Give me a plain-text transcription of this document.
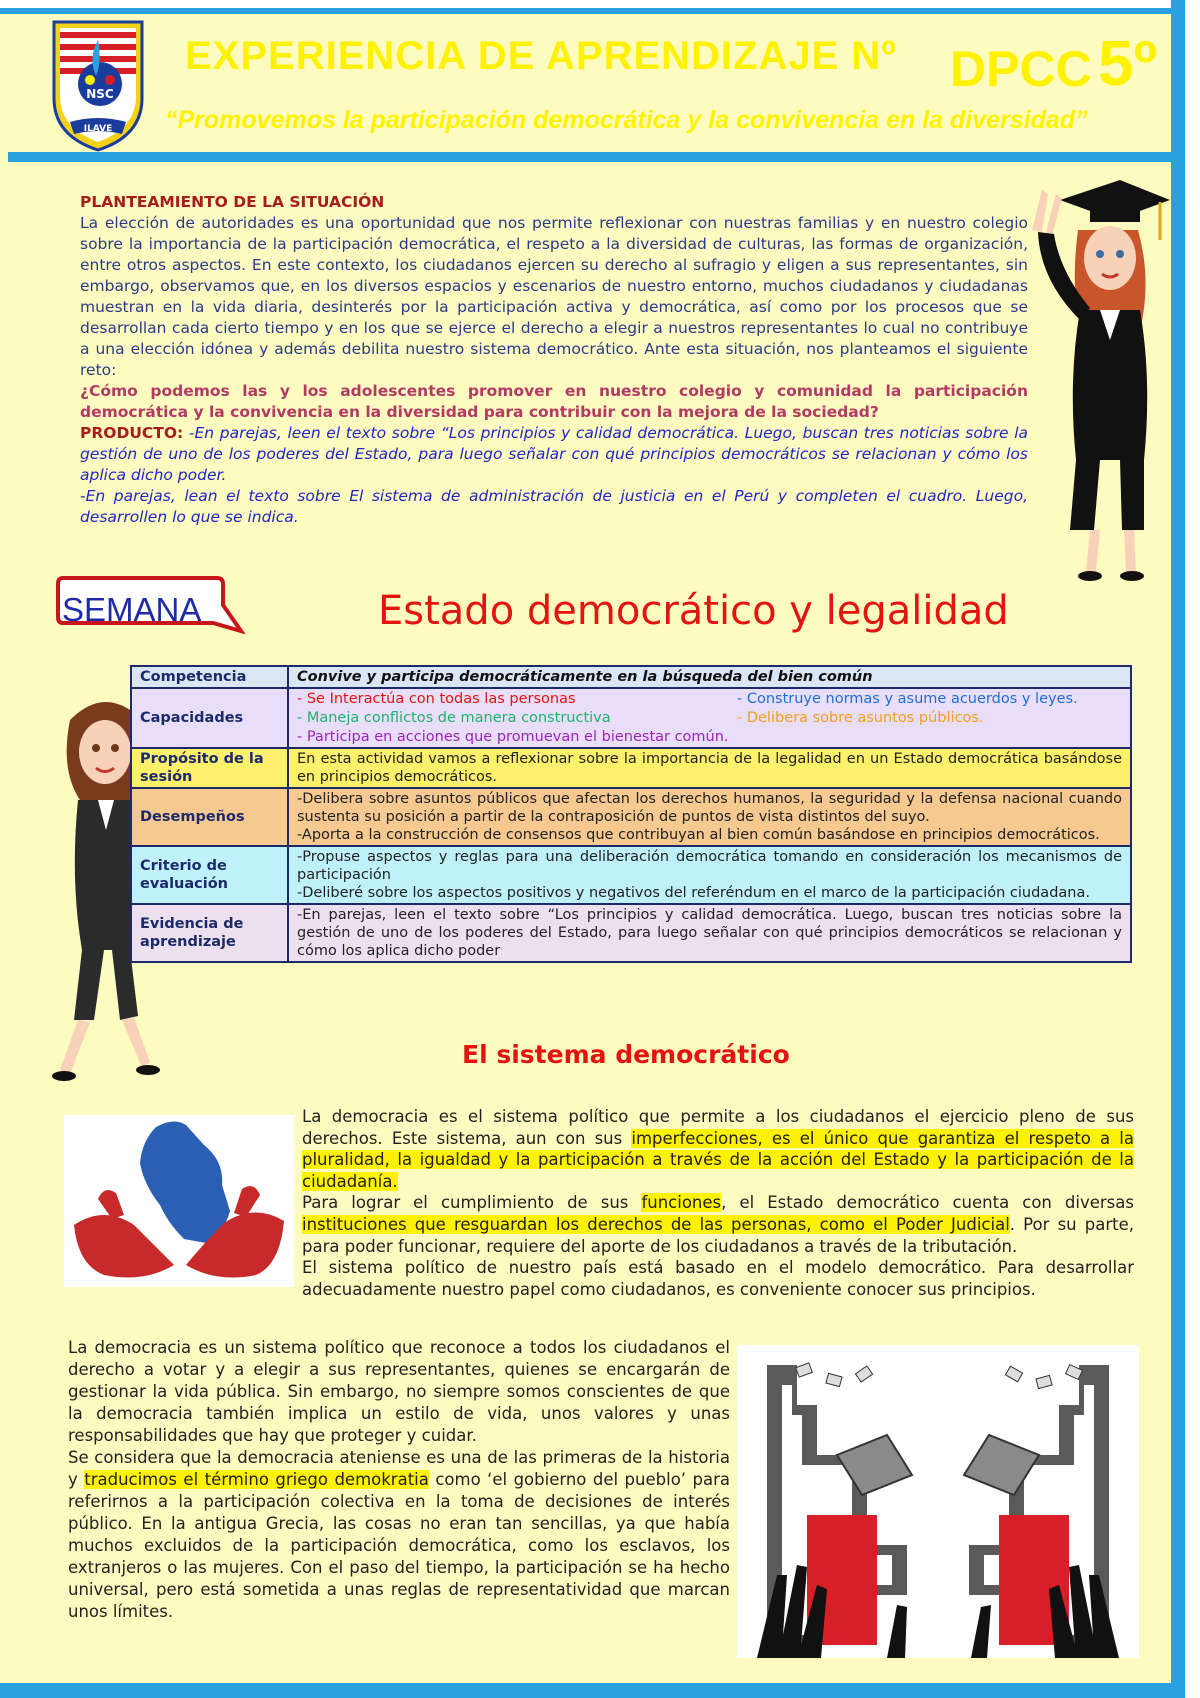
NSC
ILAVE
EXPERIENCIA DE APRENDIZAJE Nº DPCC 5º
“Promovemos la participación democrática y la convivencia en la diversidad”
PLANTEAMIENTO DE LA SITUACIÓN
La elección de autoridades es una oportunidad que nos permite reflexionar con nuestras familias y en nuestro colegio sobre la importancia de la participación democrática, el respeto a la diversidad de culturas, las formas de organización, entre otros aspectos. En este contexto, los ciudadanos ejercen su derecho al sufragio y eligen a sus representantes, sin embargo, observamos que, en los diversos espacios y escenarios de nuestro entorno, muchos ciudadanos y ciudadanas muestran en la vida diaria, desinterés por la participación activa y democrática, así como por los procesos que se desarrollan cada cierto tiempo y en los que se ejerce el derecho a elegir a nuestros representantes lo cual no contribuye a una elección idónea y además debilita nuestro sistema democrático. Ante esta situación, nos planteamos el siguiente reto:
¿Cómo podemos las y los adolescentes promover en nuestro colegio y comunidad la participación democrática y la convivencia en la diversidad para contribuir con la mejora de la sociedad?
PRODUCTO: -En parejas, leen el texto sobre “Los principios y calidad democrática. Luego, buscan tres noticias sobre la gestión de uno de los poderes del Estado, para luego señalar con qué principios democráticos se relacionan y cómo los aplica dicho poder.
-En parejas, lean el texto sobre El sistema de administración de justicia en el Perú y completen el cuadro. Luego, desarrollen lo que se indica.
SEMANA	Estado democrático y legalidad
Competencia	Convive y participa democráticamente en la búsqueda del bien común
Capacidades	- Se Interactúa con todas las personas - Construye normas y asume acuerdos y leyes.
- Maneja conflictos de manera constructiva - Delibera sobre asuntos públicos.
- Participa en acciones que promuevan el bienestar común.

Propósito de la sesión	En esta actividad vamos a reflexionar sobre la importancia de la legalidad en un Estado democrática basándose en principios democráticos.
Desempeños	-Delibera sobre asuntos públicos que afectan los derechos humanos, la seguridad y la defensa nacional cuando sustenta su posición a partir de la contraposición de puntos de vista distintos del suyo.
-Aporta a la construcción de consensos que contribuyan al bien común basándose en principios democráticos.

Criterio de evaluación	-Propuse aspectos y reglas para una deliberación democrática tomando en consideración los mecanismos de participación
-Deliberé sobre los aspectos positivos y negativos del referéndum en el marco de la participación ciudadana.

Evidencia de aprendizaje	-En parejas, leen el texto sobre “Los principios y calidad democrática. Luego, buscan tres noticias sobre la gestión de uno de los poderes del Estado, para luego señalar con qué principios democráticos se relacionan y cómo los aplica dicho poder
El sistema democrático
La democracia es el sistema político que permite a los ciudadanos el ejercicio pleno de sus derechos. Este sistema, aun con sus imperfecciones, es el único que garantiza el respeto a la pluralidad, la igualdad y la participación a través de la acción del Estado y la participación de la ciudadanía.
Para lograr el cumplimiento de sus funciones, el Estado democrático cuenta con diversas instituciones que resguardan los derechos de las personas, como el Poder Judicial. Por su parte, para poder funcionar, requiere del aporte de los ciudadanos a través de la tributación.
El sistema político de nuestro país está basado en el modelo democrático. Para desarrollar adecuadamente nuestro papel como ciudadanos, es conveniente conocer sus principios.
La democracia es un sistema político que reconoce a todos los ciudadanos el derecho a votar y a elegir a sus representantes, quienes se encargarán de gestionar la vida pública. Sin embargo, no siempre somos conscientes de que la democracia también implica un estilo de vida, unos valores y unas responsabilidades que hay que proteger y cuidar.
Se considera que la democracia ateniense es una de las primeras de la historia y traducimos el término griego demokratia como ‘el gobierno del pueblo’ para referirnos a la participación colectiva en la toma de decisiones de interés público. En la antigua Grecia, las cosas no eran tan sencillas, ya que había muchos excluidos de la participación democrática, como los esclavos, los extranjeros o las mujeres. Con el paso del tiempo, la participación se ha hecho universal, pero está sometida a unas reglas de representatividad que marcan unos límites.
